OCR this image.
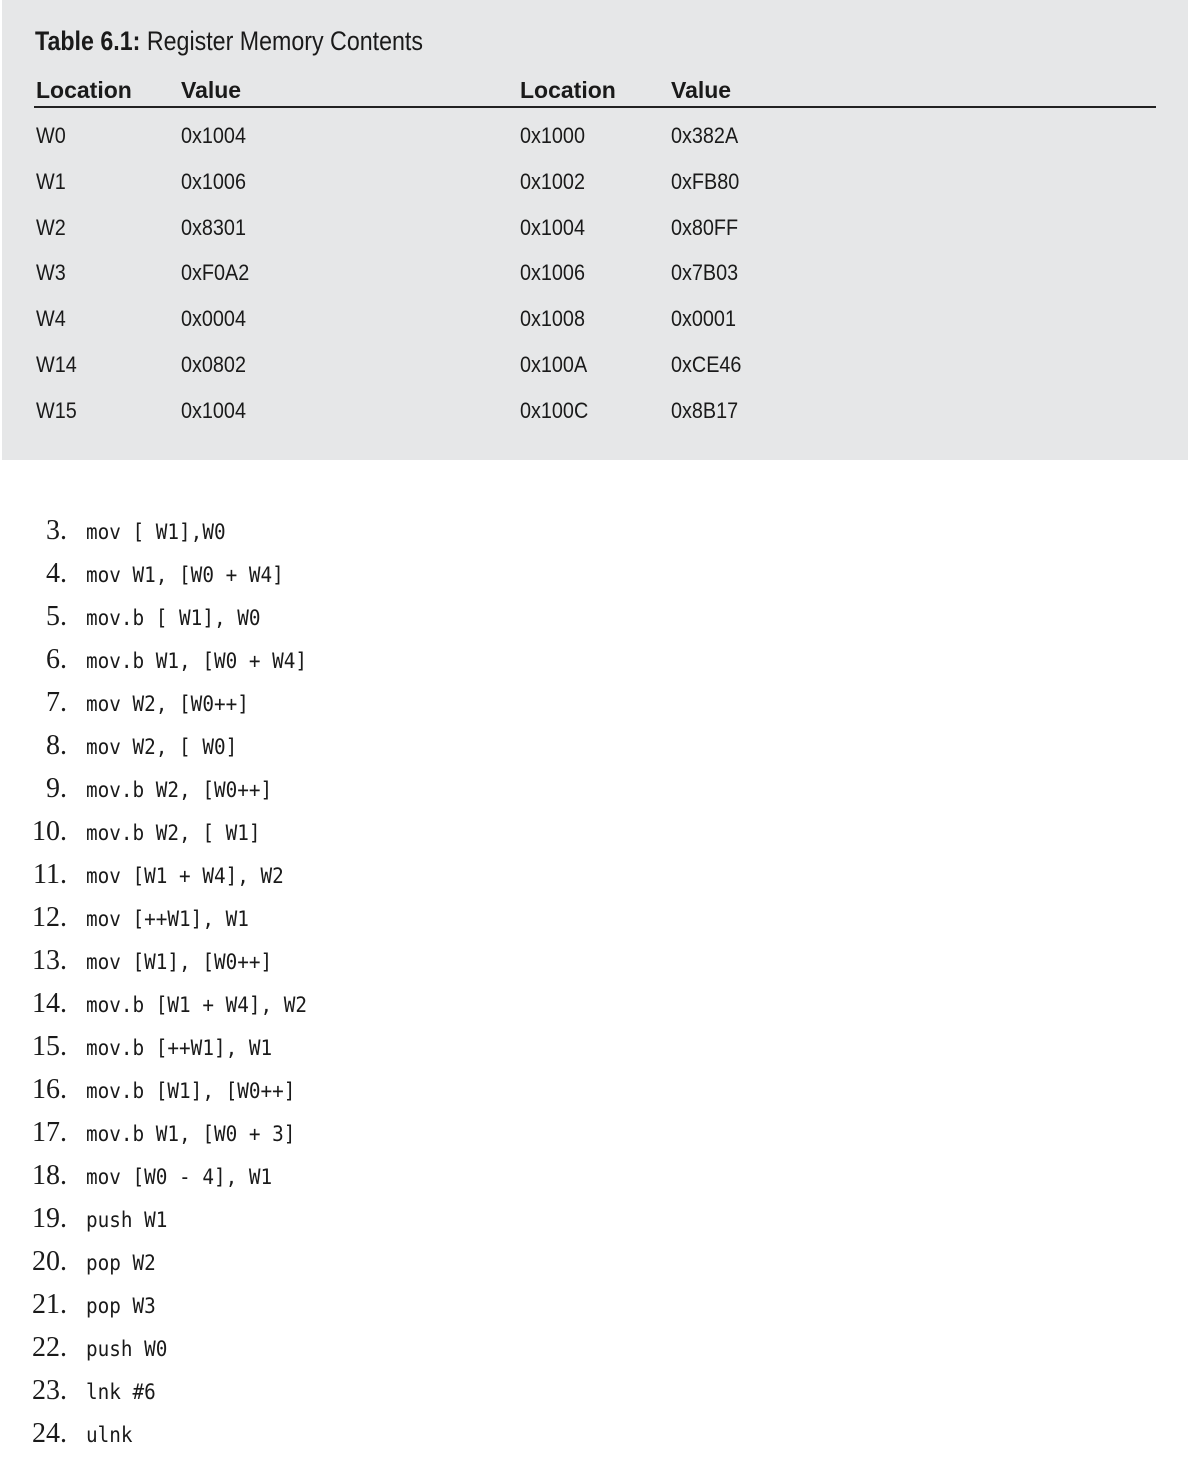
Table 6.1: Register Memory Contents
Location Value	Location Value
W0	0x1004	0x1000	0x382A
W1	0x1006	0x1002	0xFB80
W2	0x8301	0x1004	0x80FF
W3	0xF0A2	0x1006	0x7B03
W4	0x0004	0x1008	0x0001
W14	0x0802	0x100A	0xCE46
W15	0x1004	0x100C	0x8B17
3. mov [ W1],W0
4. mov W1, [W0 + W4]
5. mov.b [ W1], W0
6. mov.b W1, [W0 + W4]
7. mov W2, [W0++]
8. mov W2, [ W0]
9. mov.b W2, [W0++]
10. mov.b W2, [ W1]
11. mov [W1 + W4], W2
12. mov [++W1], W1
13. mov [W1], [W0++]
14. mov.b [W1 + W4], W2
15. mov.b [++W1], W1
16. mov.b [W1], [W0++]
17. mov.b W1, [W0 + 3]
18. mov [W0 - 4], W1
19. push W1
20. pop W2
21. pop W3
22. push W0
23. lnk #6
24. ulnk
